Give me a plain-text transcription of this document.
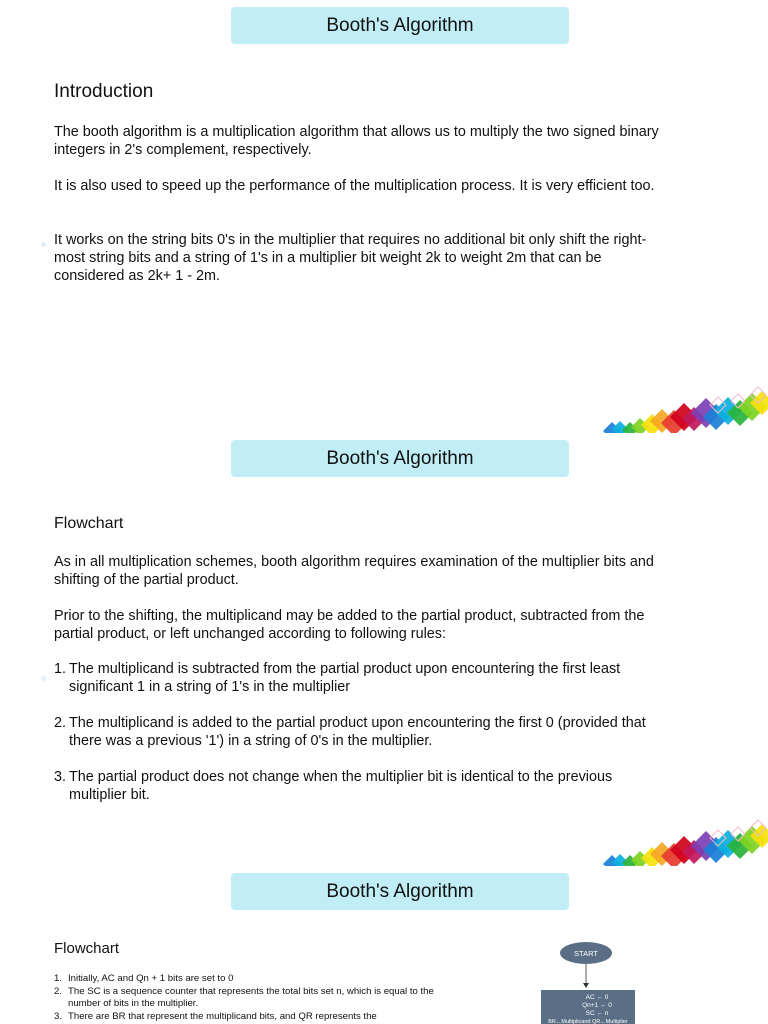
Booth's Algorithm
Introduction

The booth algorithm is a multiplication algorithm that allows us to multiply the two signed binary integers in 2's complement, respectively.

It is also used to speed up the performance of the multiplication process. It is very efficient too.

It works on the string bits 0's in the multiplier that requires no additional bit only shift the right-most string bits and a string of 1's in a multiplier bit weight 2k to weight 2m that can be considered as 2k+ 1 - 2m.

Booth's Algorithm
Flowchart

As in all multiplication schemes, booth algorithm requires examination of the multiplier bits and shifting of the partial product.

Prior to the shifting, the multiplicand may be added to the partial product, subtracted from the partial product, or left unchanged according to following rules:

1. The multiplicand is subtracted from the partial product upon encountering the first least significant 1 in a string of 1's in the multiplier
2. The multiplicand is added to the partial product upon encountering the first 0 (provided that there was a previous '1') in a string of 0's in the multiplier.
3. The partial product does not change when the multiplier bit is identical to the previous multiplier bit.
Booth's Algorithm
Flowchart
1. Initially, AC and Qn + 1 bits are set to 0
2. The SC is a sequence counter that represents the total bits set n, which is equal to the number of bits in the multiplier.
3. There are BR that represent the multiplicand bits, and QR represents the
START
AC ← 0
Qn+1 ← 0
SC ← n
BR←Multiplicand QR←Multiplier
